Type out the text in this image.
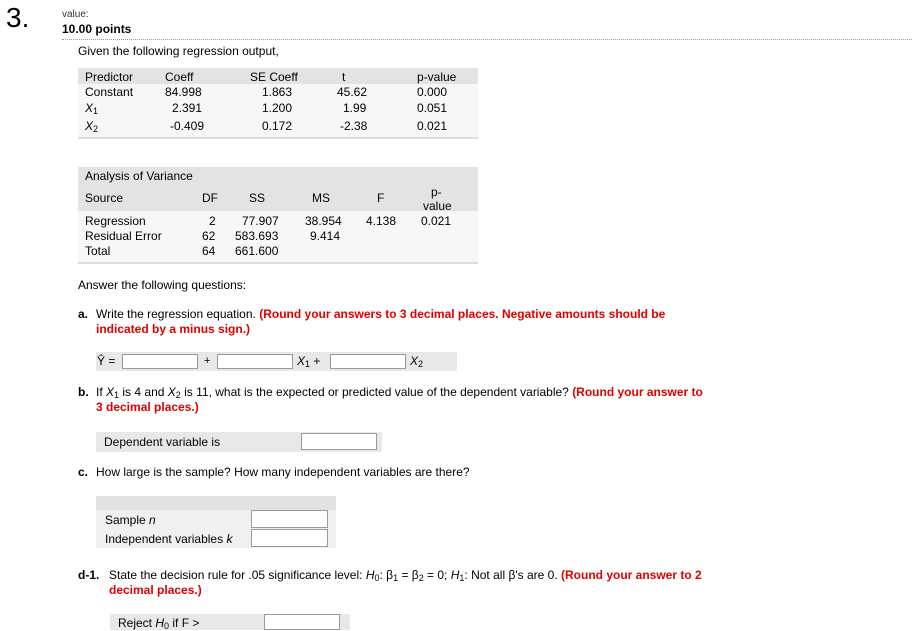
3.	value:
10.00 points
Given the following regression output,
Predictor	Coeff	SE Coeff	t	p-value
Constant	84.998	1.863	45.62	0.000
$X_1$	2.391	1.200	1.99	0.051
$X_2$	-0.409	0.172	-2.38	0.021
Analysis of Variance
Source	DF	SS	MS	F	p-
value
Regression	2 77.907 38.954 4.138 0.021
Residual Error	62 583.693	9.414
Total	64 661.600
Answer the following questions:
a. Write the regression equation. (Round your answers to 3 decimal places. Negative amounts should be indicated by a minus sign.)
Ŷ =	+	$X_1$ +	$X_2$
b. If $X_1$ is 4 and $X_2$ is 11, what is the expected or predicted value of the dependent variable? (Round your answer to 3 decimal places.)
Dependent variable is
c. How large is the sample? How many independent variables are there?
Sample n
Independent variables k
d-1. State the decision rule for .05 significance level: $H_0$: $\beta_1 = \beta_2 = 0$; $H_1$: Not all β's are 0. (Round your answer to 2 decimal places.)
Reject $H_0$ if F >
